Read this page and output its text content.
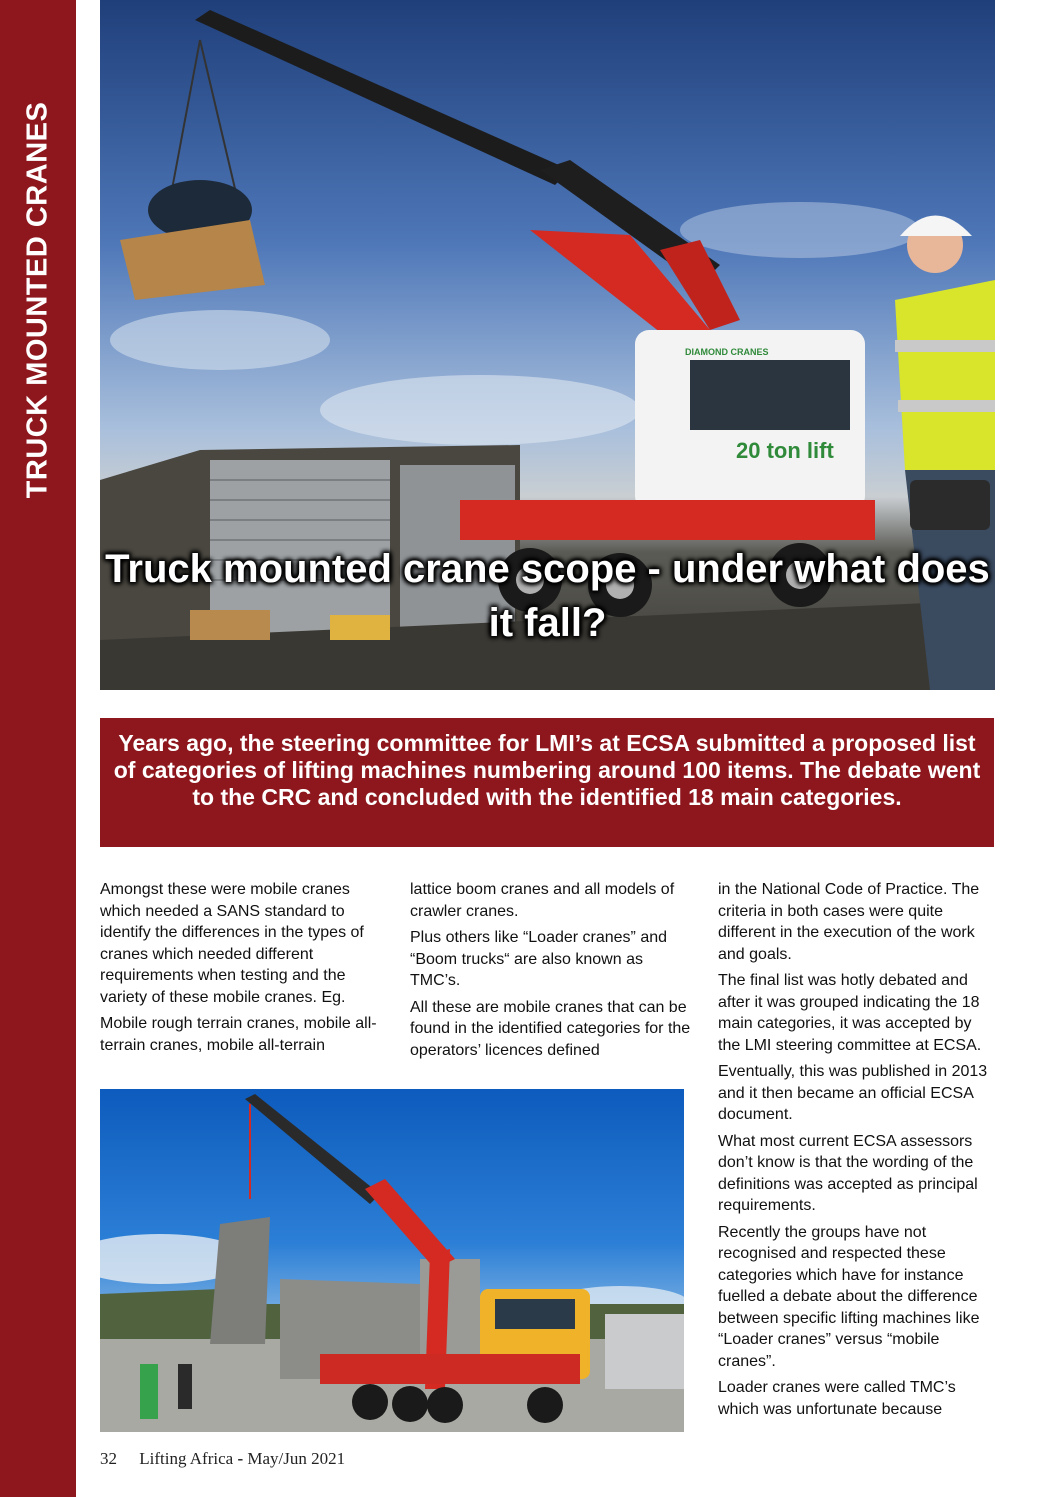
TRUCK MOUNTED CRANES	DIAMOND CRANES
20 ton lift
Truck mounted crane scope - under what does it fall?
Years ago, the steering committee for LMI’s at ECSA submitted a proposed list of categories of lifting machines numbering around 100 items. The debate went to the CRC and concluded with the identified 18 main categories.

Amongst these were mobile cranes which needed a SANS standard to identify the differences in the types of cranes which needed different requirements when testing and the variety of these mobile cranes. Eg.

Mobile rough terrain cranes, mobile all-terrain cranes, mobile all-terrain

lattice boom cranes and all models of crawler cranes.

Plus others like “Loader cranes” and “Boom trucks“ are also known as TMC’s.

All these are mobile cranes that can be found in the identified categories for the operators’ licences defined

in the National Code of Practice. The criteria in both cases were quite different in the execution of the work and goals.

The final list was hotly debated and after it was grouped indicating the 18 main categories, it was accepted by the LMI steering committee at ECSA.

Eventually, this was published in 2013 and it then became an official ECSA document.

What most current ECSA assessors don’t know is that the wording of the definitions was accepted as principal requirements.

Recently the groups have not recognised and respected these categories which have for instance fuelled a debate about the difference between specific lifting machines like “Loader cranes” versus “mobile cranes”.

Loader cranes were called TMC’s which was unfortunate because

32 Lifting Africa - May/Jun 2021
